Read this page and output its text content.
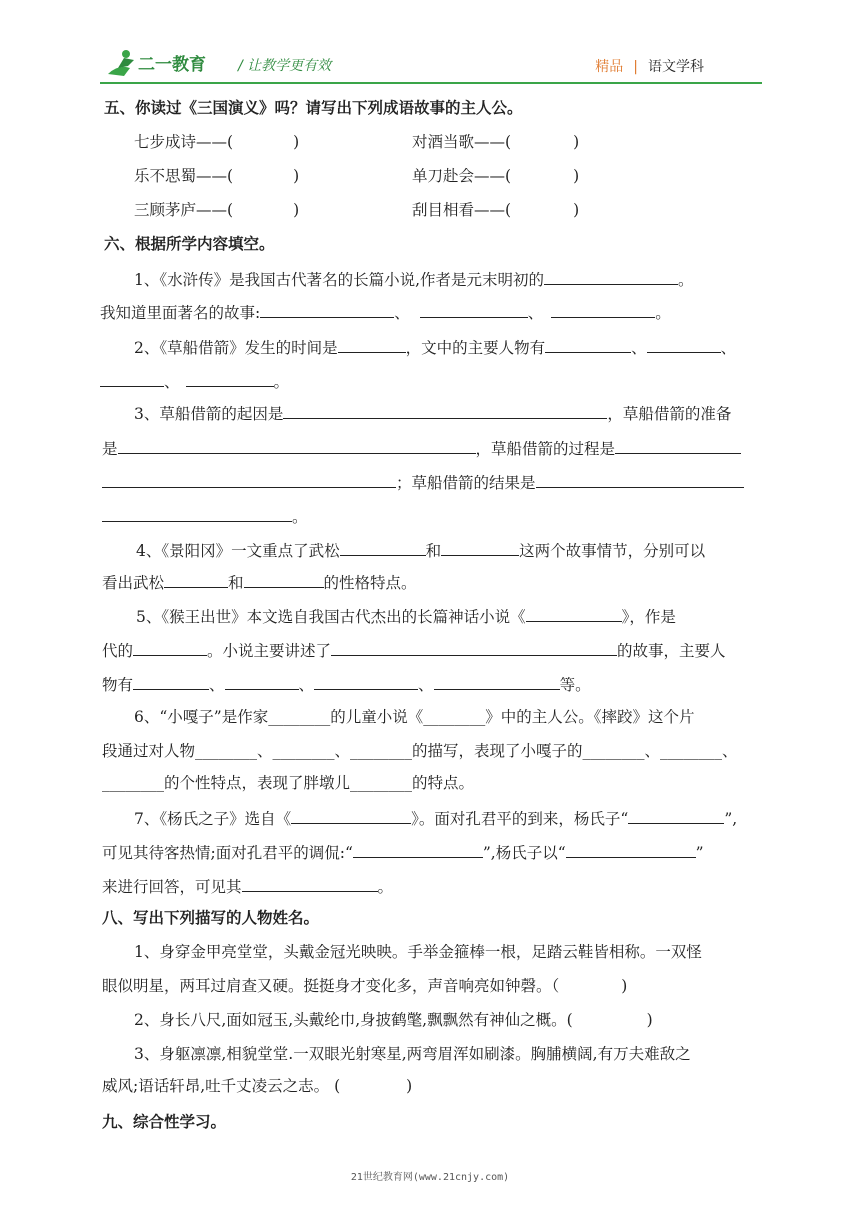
二一教育 / 让教学更有效	精品 | 语文学科
五、你读过《三国演义》吗？请写出下列成语故事的主人公。
七步成诗——(	)	对酒当歌——(	)
乐不思蜀——(	)	单刀赴会——(	)
三顾茅庐——(	)	刮目相看——(	)
六、根据所学内容填空。
1、《水浒传》是我国古代著名的长篇小说,作者是元末明初的	。
我知道里面著名的故事:	、	、	。
2、《草船借箭》发生的时间是	，文中的主要人物有	、	、
、	。
3、草船借箭的起因是	，草船借箭的准备
是	，草船借箭的过程是
；草船借箭的结果是
。
4、《景阳冈》一文重点了武松	和	这两个故事情节，分别可以
看出武松	和	的性格特点。
5、《猴王出世》本文选自我国古代杰出的长篇神话小说《	》，作是
代的	。小说主要讲述了	的故事，主要人
物有	、	、	、	等。
6、“小嘎子”是作家________的儿童小说《________》中的主人公。《摔跤》这个片
段通过对人物________、________、________的描写，表现了小嘎子的________、________、
________的个性特点，表现了胖墩儿________的特点。
7、《杨氏之子》选自《	》。面对孔君平的到来，杨氏子“	”,
可见其待客热情;面对孔君平的调侃:“	”,杨氏子以“	”
来进行回答，可见其	。
八、写出下列描写的人物姓名。
1、身穿金甲亮堂堂，头戴金冠光映映。手举金箍棒一根，足踏云鞋皆相称。一双怪
眼似明星，两耳过肩查又硬。挺挺身才变化多，声音响亮如钟磬。（	)
2、身长八尺,面如冠玉,头戴纶巾,身披鹤氅,飘飘然有神仙之概。(	)
3、身躯凛凛,相貌堂堂.一双眼光射寒星,两弯眉浑如刷漆。胸脯横阔,有万夫难敌之
威风;语话轩昂,吐千丈凌云之志。 (	)
九、综合性学习。
21世纪教育网(www.21cnjy.com)
